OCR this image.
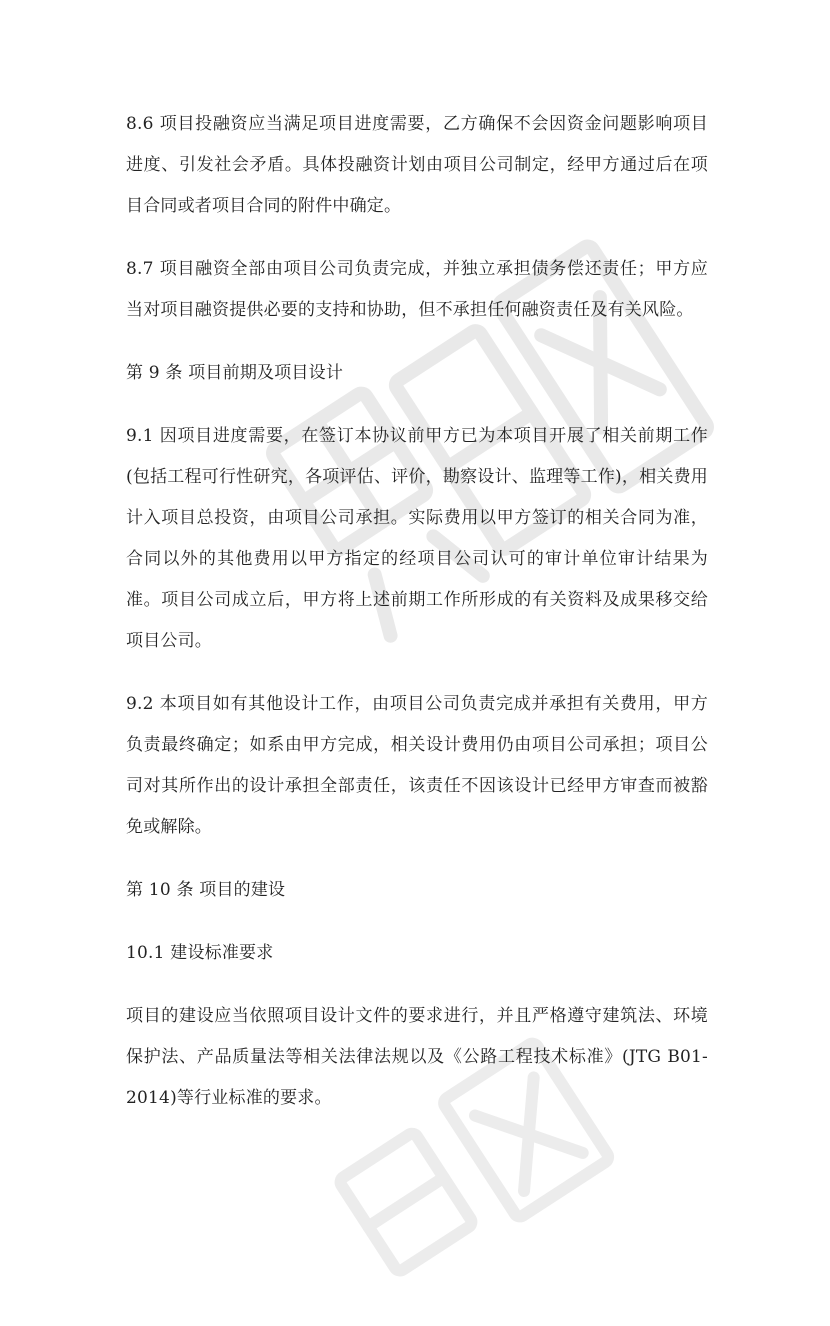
8.6 项目投融资应当满足项目进度需要，乙方确保不会因资金问题影响项目进度、引发社会矛盾。具体投融资计划由项目公司制定，经甲方通过后在项目合同或者项目合同的附件中确定。

8.7 项目融资全部由项目公司负责完成，并独立承担债务偿还责任；甲方应当对项目融资提供必要的支持和协助，但不承担任何融资责任及有关风险。

第 9 条 项目前期及项目设计

9.1 因项目进度需要，在签订本协议前甲方已为本项目开展了相关前期工作(包括工程可行性研究，各项评估、评价，勘察设计、监理等工作)，相关费用计入项目总投资，由项目公司承担。实际费用以甲方签订的相关合同为准，合同以外的其他费用以甲方指定的经项目公司认可的审计单位审计结果为准。项目公司成立后，甲方将上述前期工作所形成的有关资料及成果移交给项目公司。

9.2 本项目如有其他设计工作，由项目公司负责完成并承担有关费用，甲方负责最终确定；如系由甲方完成，相关设计费用仍由项目公司承担；项目公司对其所作出的设计承担全部责任，该责任不因该设计已经甲方审查而被豁免或解除。

第 10 条 项目的建设

10.1 建设标准要求

项目的建设应当依照项目设计文件的要求进行，并且严格遵守建筑法、环境保护法、产品质量法等相关法律法规以及《公路工程技术标准》(JTG B01-2014)等行业标准的要求。
